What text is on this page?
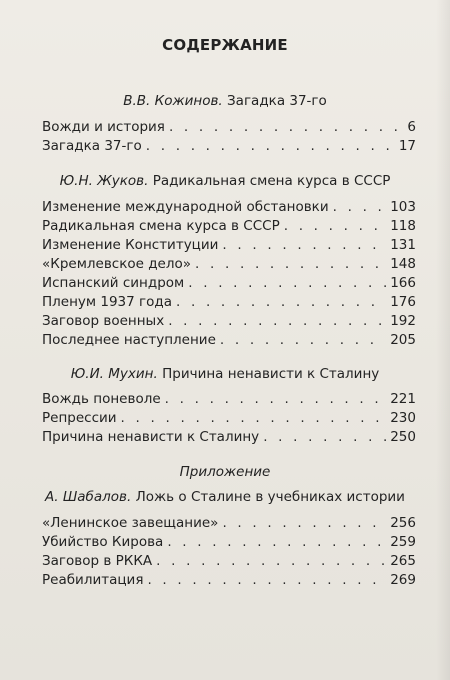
СОДЕРЖАНИЕ
В.В. Кожинов. Загадка 37-го
Вожди и история . . .	6
Загадка 37-го . . .	17
Ю.Н. Жуков. Радикальная смена курса в СССР
Изменение международной обстановки . . .	103
Радикальная смена курса в СССР . . .	118
Изменение Конституции . . .	131
«Кремлевское дело» . . .	148
Испанский синдром . . .	166
Пленум 1937 года . . .	176
Заговор военных . . .	192
Последнее наступление . . .	205
Ю.И. Мухин. Причина ненависти к Сталину
Вождь поневоле . . .	221
Репрессии . . .	230
Причина ненависти к Сталину . . .	250
Приложение
А. Шабалов. Ложь о Сталине в учебниках истории
«Ленинское завещание» . . .	256
Убийство Кирова . . .	259
Заговор в РККА . . .	265
Реабилитация . . .	269
